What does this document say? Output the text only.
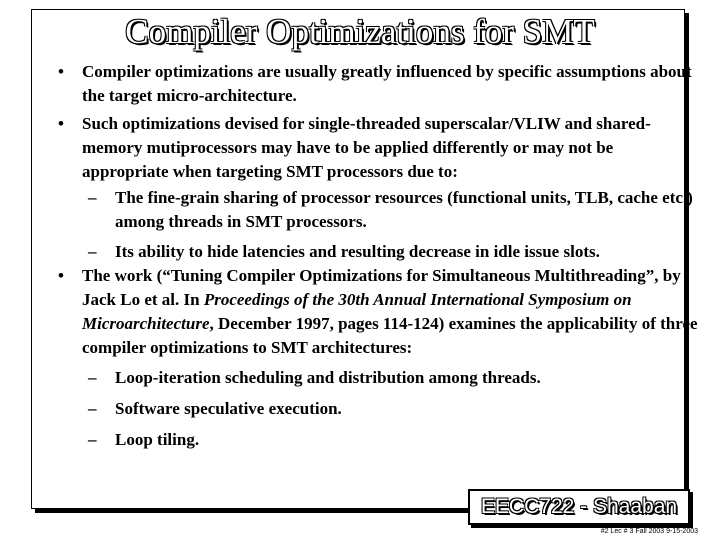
Compiler Optimizations for SMT
• Compiler optimizations are usually greatly influenced by specific assumptions about the target micro-architecture.
• Such optimizations devised for single-threaded superscalar/VLIW and shared-memory mutiprocessors may have to be applied differently or may not be appropriate when targeting SMT processors due to:
– The fine-grain sharing of processor resources (functional units, TLB, cache etc.) among threads in SMT processors.
– Its ability to hide latencies and resulting decrease in idle issue slots.
• The work (“Tuning Compiler Optimizations for Simultaneous Multithreading”, by Jack Lo et al. In Proceedings of the 30th Annual International Symposium on Microarchitecture, December 1997, pages 114-124) examines the applicability of three compiler optimizations to SMT architectures:
– Loop-iteration scheduling and distribution among threads.
– Software speculative execution.
– Loop tiling.
EECC722 - Shaaban
#2 Lec # 3 Fall 2003 9-15-2003
